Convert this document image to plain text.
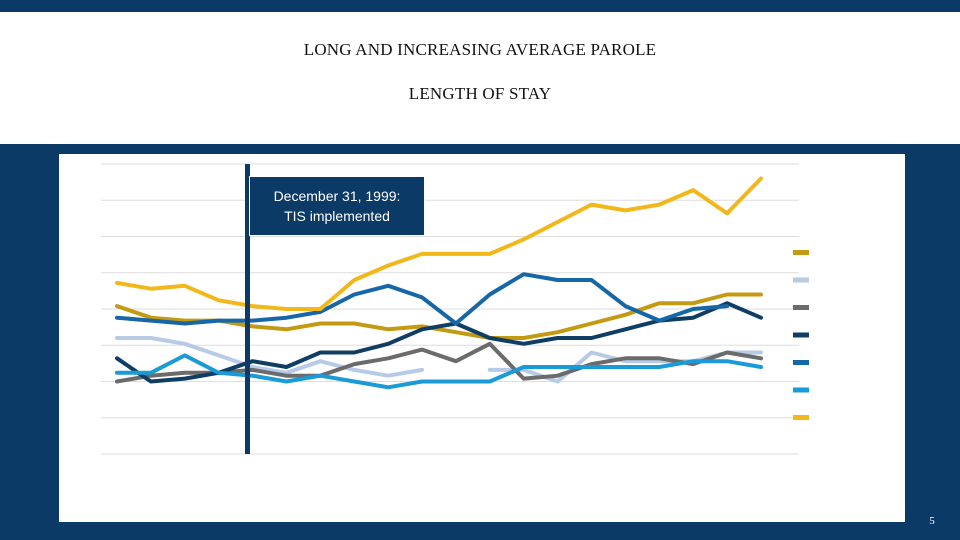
LONG AND INCREASING AVERAGE PAROLE
LENGTH OF STAY
December 31, 1999:
TIS implemented
5
